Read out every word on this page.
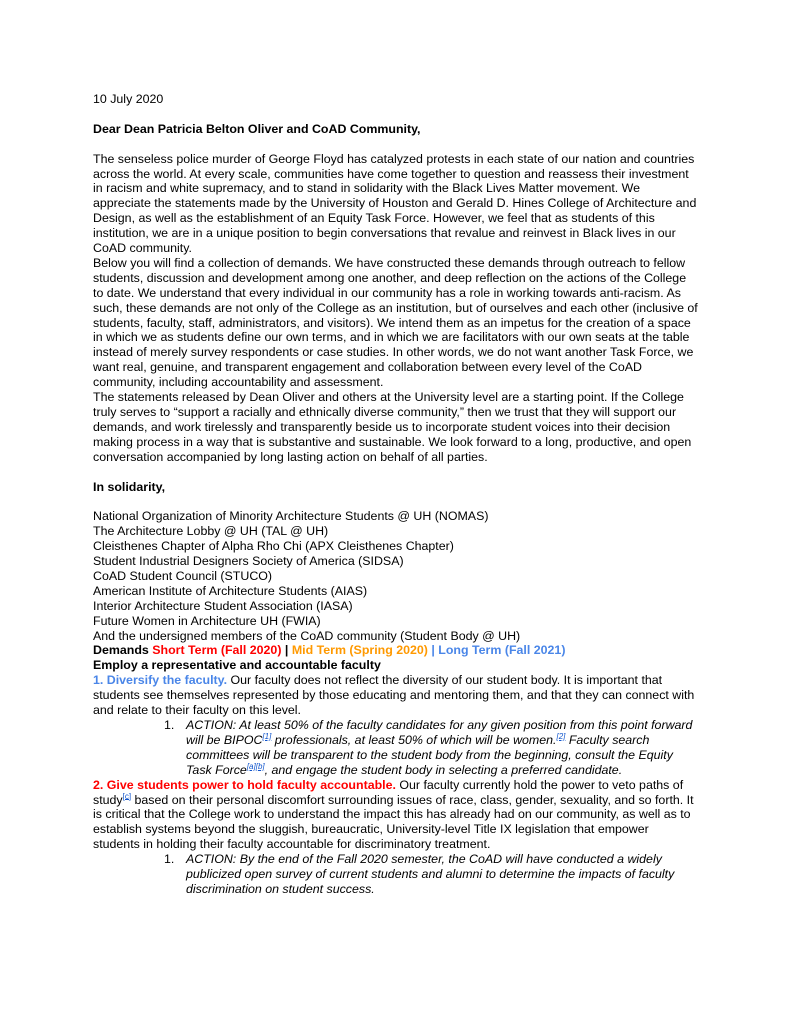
10 July 2020

Dear Dean Patricia Belton Oliver and CoAD Community,

The senseless police murder of George Floyd has catalyzed protests in each state of our nation and countries across the world. At every scale, communities have come together to question and reassess their investment in racism and white supremacy, and to stand in solidarity with the Black Lives Matter movement. We appreciate the statements made by the University of Houston and Gerald D. Hines College of Architecture and Design, as well as the establishment of an Equity Task Force. However, we feel that as students of this institution, we are in a unique position to begin conversations that revalue and reinvest in Black lives in our CoAD community.

Below you will find a collection of demands. We have constructed these demands through outreach to fellow students, discussion and development among one another, and deep reflection on the actions of the College to date. We understand that every individual in our community has a role in working towards anti-racism. As such, these demands are not only of the College as an institution, but of ourselves and each other (inclusive of students, faculty, staff, administrators, and visitors). We intend them as an impetus for the creation of a space in which we as students define our own terms, and in which we are facilitators with our own seats at the table instead of merely survey respondents or case studies. In other words, we do not want another Task Force, we want real, genuine, and transparent engagement and collaboration between every level of the CoAD community, including accountability and assessment.

The statements released by Dean Oliver and others at the University level are a starting point. If the College truly serves to “support a racially and ethnically diverse community,” then we trust that they will support our demands, and work tirelessly and transparently beside us to incorporate student voices into their decision making process in a way that is substantive and sustainable. We look forward to a long, productive, and open conversation accompanied by long lasting action on behalf of all parties.

In solidarity,

National Organization of Minority Architecture Students @ UH (NOMAS)

The Architecture Lobby @ UH (TAL @ UH)

Cleisthenes Chapter of Alpha Rho Chi (APX Cleisthenes Chapter)

Student Industrial Designers Society of America (SIDSA)

CoAD Student Council (STUCO)

American Institute of Architecture Students (AIAS)

Interior Architecture Student Association (IASA)

Future Women in Architecture UH (FWIA)

And the undersigned members of the CoAD community (Student Body @ UH)

Demands Short Term (Fall 2020) | Mid Term (Spring 2020) | Long Term (Fall 2021)

Employ a representative and accountable faculty

1. Diversify the faculty. Our faculty does not reflect the diversity of our student body. It is important that students see themselves represented by those educating and mentoring them, and that they can connect with and relate to their faculty on this level.

1. ACTION: At least 50% of the faculty candidates for any given position from this point forward will be BIPOC[1] professionals, at least 50% of which will be women.[2] Faculty search committees will be transparent to the student body from the beginning, consult the Equity Task Force[a][b], and engage the student body in selecting a preferred candidate.

2. Give students power to hold faculty accountable. Our faculty currently hold the power to veto paths of study[c] based on their personal discomfort surrounding issues of race, class, gender, sexuality, and so forth. It is critical that the College work to understand the impact this has already had on our community, as well as to establish systems beyond the sluggish, bureaucratic, University-level Title IX legislation that empower students in holding their faculty accountable for discriminatory treatment.

1. ACTION: By the end of the Fall 2020 semester, the CoAD will have conducted a widely publicized open survey of current students and alumni to determine the impacts of faculty discrimination on student success.
